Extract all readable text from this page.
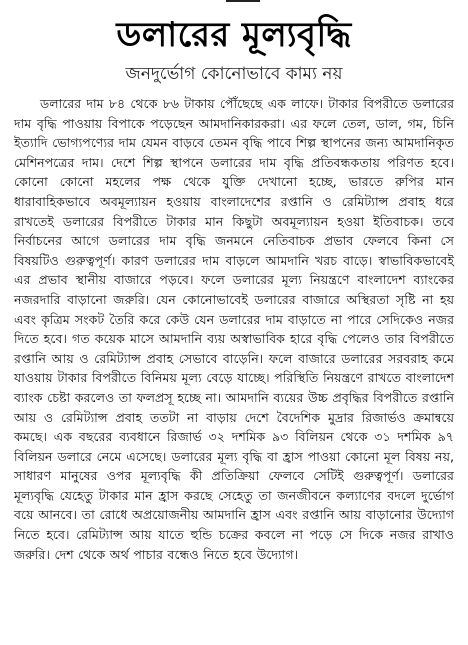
ডলারের মূল্যবৃদ্ধি
জনদুর্ভোগ কোনোভাবে কাম্য নয়

ডলারের দাম ৮৪ থেকে ৮৬ টাকায় পৌঁছেছে এক লাফে। টাকার বিপরীতে ডলারের দাম বৃদ্ধি পাওয়ায় বিপাকে পড়েছেন আমদানিকারকরা। এর ফলে তেল, ডাল, গম, চিনি ইত্যাদি ভোগ্যপণ্যের দাম যেমন বাড়বে তেমন বৃদ্ধি পাবে শিল্প স্থাপনের জন্য আমদানিকৃত মেশিনপত্রের দাম। দেশে শিল্প স্থাপনে ডলারের দাম বৃদ্ধি প্রতিবন্ধকতায় পরিণত হবে। কোনো কোনো মহলের পক্ষ থেকে যুক্তি দেখানো হচ্ছে, ভারতে রুপির মান ধারাবাহিকভাবে অবমূল্যায়ন হওয়ায় বাংলাদেশের রপ্তানি ও রেমিট্যান্স প্রবাহ ধরে রাখতেই ডলারের বিপরীতে টাকার মান কিছুটা অবমূল্যায়ন হওয়া ইতিবাচক। তবে নির্বাচনের আগে ডলারের দাম বৃদ্ধি জনমনে নেতিবাচক প্রভাব ফেলবে কিনা সে বিষয়টিও গুরুত্বপূর্ণ। কারণ ডলারের দাম বাড়লে আমদানি খরচ বাড়ে। স্বাভাবিকভাবেই এর প্রভাব স্থানীয় বাজারে পড়বে। ফলে ডলারের মূল্য নিয়ন্ত্রণে বাংলাদেশ ব্যাংকের নজরদারি বাড়ানো জরুরি। যেন কোনোভাবেই ডলারের বাজারে অস্থিরতা সৃষ্টি না হয় এবং কৃত্রিম সংকট তৈরি করে কেউ যেন ডলারের দাম বাড়াতে না পারে সেদিকেও নজর দিতে হবে। গত কয়েক মাসে আমদানি ব্যয় অস্বাভাবিক হারে বৃদ্ধি পেলেও তার বিপরীতে রপ্তানি আয় ও রেমিট্যান্স প্রবাহ সেভাবে বাড়েনি। ফলে বাজারে ডলারের সরবরাহ কমে যাওয়ায় টাকার বিপরীতে বিনিময় মূল্য বেড়ে যাচ্ছে। পরিস্থিতি নিয়ন্ত্রণে রাখতে বাংলাদেশ ব্যাংক চেষ্টা করলেও তা ফলপ্রসূ হচ্ছে না। আমদানি ব্যয়ের উচ্চ প্রবৃদ্ধির বিপরীতে রপ্তানি আয় ও রেমিট্যান্স প্রবাহ ততটা না বাড়ায় দেশে বৈদেশিক মুদ্রার রিজার্ভও ক্রমান্বয়ে কমছে। এক বছরের ব্যবধানে রিজার্ভ ৩২ দশমিক ৯৩ বিলিয়ন থেকে ৩১ দশমিক ৯৭ বিলিয়ন ডলারে নেমে এসেছে। ডলারের মূল্য বৃদ্ধি বা হ্রাস পাওয়া কোনো মূল বিষয় নয়, সাধারণ মানুষের ওপর মূল্যবৃদ্ধি কী প্রতিক্রিয়া ফেলবে সেটিই গুরুত্বপূর্ণ। ডলারের মূল্যবৃদ্ধি যেহেতু টাকার মান হ্রাস করছে সেহেতু তা জনজীবনে কল্যাণের বদলে দুর্ভোগ বয়ে আনবে। তা রোধে অপ্রয়োজনীয় আমদানি হ্রাস এবং রপ্তানি আয় বাড়ানোর উদ্যোগ নিতে হবে। রেমিট্যান্স আয় যাতে হুন্ডি চক্রের কবলে না পড়ে সে দিকে নজর রাখাও জরুরি। দেশ থেকে অর্থ পাচার বন্ধেও নিতে হবে উদ্যোগ।
